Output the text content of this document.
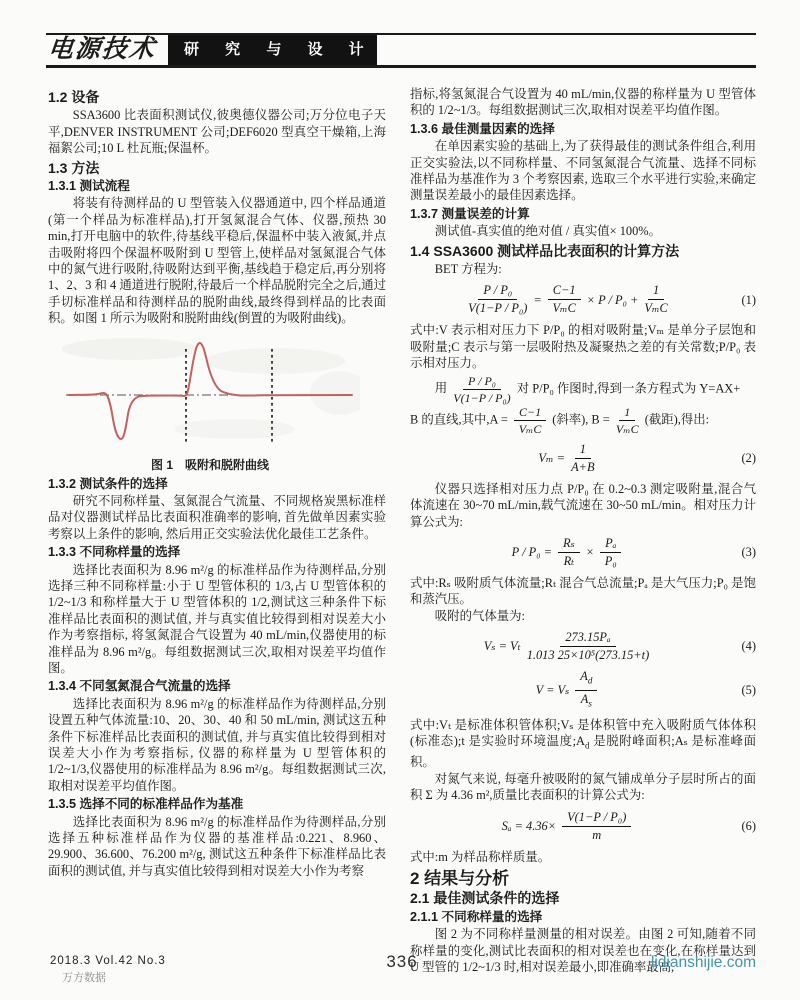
电源技术	研 究 与 设 计
1.2 设备

SSA3600 比表面积测试仪,彼奥德仪器公司;万分位电子天平,DENVER INSTRUMENT 公司;DEF6020 型真空干燥箱,上海福絮公司;10 L 杜瓦瓶;保温杯。

1.3 方法
1.3.1 测试流程

将装有待测样品的 U 型管装入仪器通道中, 四个样品通道(第一个样品为标准样品),打开氢氮混合气体、仪器,预热 30 min,打开电脑中的软件,待基线平稳后,保温杯中装入液氮,并点击吸附将四个保温杯吸附到 U 型管上,使样品对氢氮混合气体中的氮气进行吸附,待吸附达到平衡,基线趋于稳定后,再分别将 1、2、3 和 4 通道进行脱附,待最后一个样品脱附完全之后,通过手切标准样品和待测样品的脱附曲线,最终得到样品的比表面积。如图 1 所示为吸附和脱附曲线(倒置的为吸附曲线)。

图 1　吸附和脱附曲线
1.3.2 测试条件的选择

研究不同称样量、氢氮混合气流量、不同规格炭黑标准样品对仪器测试样品比表面积准确率的影响, 首先做单因素实验考察以上条件的影响, 然后用正交实验法优化最佳工艺条件。

1.3.3 不同称样量的选择

选择比表面积为 8.96 m²/g 的标准样品作为待测样品,分别选择三种不同称样量:小于 U 型管体积的 1/3,占 U 型管体积的 1/2~1/3 和称样量大于 U 型管体积的 1/2,测试这三种条件下标准样品比表面积的测试值, 并与真实值比较得到相对误差大小作为考察指标, 将氢氮混合气设置为 40 mL/min,仪器使用的标准样品为 8.96 m²/g。每组数据测试三次,取相对误差平均值作图。

1.3.4 不同氢氮混合气流量的选择

选择比表面积为 8.96 m²/g 的标准样品作为待测样品,分别设置五种气体流量:10、20、30、40 和 50 mL/min, 测试这五种条件下标准样品比表面积的测试值, 并与真实值比较得到相对误差大小作为考察指标, 仪器的称样量为 U 型管体积的 1/2~1/3,仪器使用的标准样品为 8.96 m²/g。每组数据测试三次,取相对误差平均值作图。

1.3.5 选择不同的标准样品作为基准

选择比表面积为 8.96 m²/g 的标准样品作为待测样品,分别选择五种标准样品作为仪器的基准样品:0.221、8.960、29.900、36.600、76.200 m²/g, 测试这五种条件下标准样品比表面积的测试值, 并与真实值比较得到相对误差大小作为考察

指标,将氢氮混合气设置为 40 mL/min,仪器的称样量为 U 型管体积的 1/2~1/3。每组数据测试三次,取相对误差平均值作图。

1.3.6 最佳测量因素的选择

在单因素实验的基础上,为了获得最佳的测试条件组合,利用正交实验法,以不同称样量、不同氢氮混合气流量、选择不同标准样品为基准作为 3 个考察因素, 选取三个水平进行实验,来确定测量误差最小的最佳因素选择。

1.3.7 测量误差的计算

测试值-真实值的绝对值 / 真实值× 100%。

1.4 SSA3600 测试样品比表面积的计算方法

BET 方程为:

$\frac{\text{P / P₀}}{\text{V(1−P / P₀)}} = \frac{C-1}{\text{VₘC}} \times P / P_0 + \frac{1}{\text{VₘC}}$	(1)

式中:V 表示相对压力下 P/P₀ 的相对吸附量;Vₘ 是单分子层饱和吸附量;C 表示与第一层吸附热及凝聚热之差的有关常数;P/P₀ 表示相对压力。

用 $\frac{\text{P / P₀}}{\text{V(1−P / P₀)}}$ 对 P/P₀ 作图时,得到一条方程式为 Y=AX+
B 的直线,其中$,A = \frac{C-1}{\text{VₘC}}$ (斜率), $B = \frac{1}{\text{VₘC}}$ (截距),得出:
$V_m = \frac{1}{A+B}$	(2)

仪器只选择相对压力点 P/P₀ 在 0.2~0.3 测定吸附量,混合气体流速在 30~70 mL/min,载气流速在 30~50 mL/min。相对压力计算公式为:

$P / P_0 = \frac{\text{Rₛ}}{\text{Rₜ}} \times \frac{\text{Pₐ}}{\text{P₀}}$	(3)

式中:Rₛ 吸附质气体流量;Rₜ 混合气总流量;Pₐ 是大气压力;P₀ 是饱和蒸汽压。

吸附的气体量为:

Vₛ = Vₜ $\frac{\text{273.15Pₐ}}{\text{1.013 25×10⁵(273.15+t)}}$	(4)
V = Vₛ $\frac{A_d}{A_s}$	(5)

式中:Vₜ 是标准体积管体积;Vₛ 是体积管中充入吸附质气体体积(标准态);t 是实验时环境温度$;A_d$ 是脱附峰面积;Aₛ 是标准峰面积。

对氮气来说, 每毫升被吸附的氮气铺成单分子层时所占的面积 Σ 为 4.36 m²,质量比表面积的计算公式为:

$S_a = 4.36\times \frac{\text{V(1−P / P₀)}}{m}$	(6)

式中:m 为样品称样质量。

2 结果与分析
2.1 最佳测试条件的选择
2.1.1 不同称样量的选择

图 2 为不同称样量测量的相对误差。由图 2 可知,随着不同称样量的变化,测试比表面积的相对误差也在变化,在称样量达到 U 型管的 1/2~1/3 时,相对误差最小,即准确率最高,

2018.3 Vol.42 No.3
万方数据
336	lidianshijie.com
